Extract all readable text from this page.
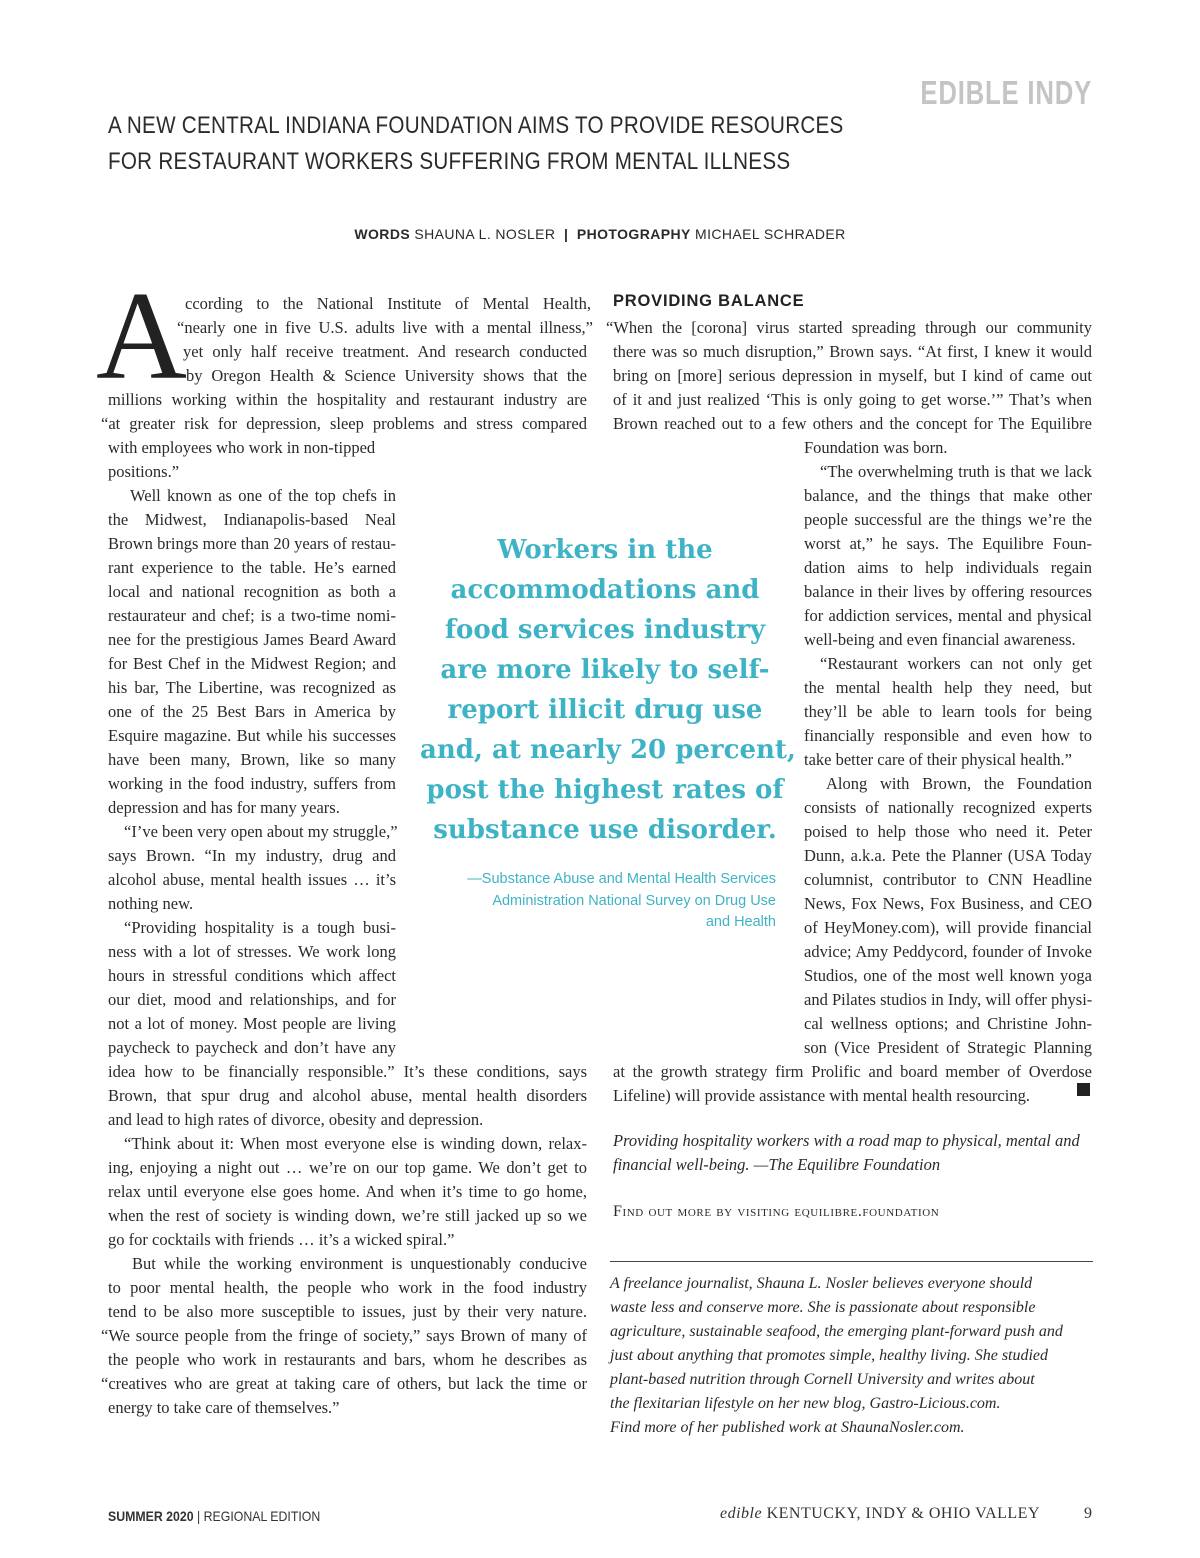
EDIBLE INDY
A NEW CENTRAL INDIANA FOUNDATION AIMS TO PROVIDE RESOURCES
FOR RESTAURANT WORKERS SUFFERING FROM MENTAL ILLNESS
WORDS SHAUNA L. NOSLER | PHOTOGRAPHY MICHAEL SCHRADER
A
ccording to the National Institute of Mental Health,
“nearly one in five U.S. adults live with a mental illness,”
yet only half receive treatment. And research conducted
by Oregon Health & Science University shows that the
millions working within the hospitality and restaurant industry are
“at greater risk for depression, sleep problems and stress compared
with employees who work in non-tipped
positions.”
Well known as one of the top chefs in
the Midwest, Indianapolis-based Neal
Brown brings more than 20 years of restau-
rant experience to the table. He’s earned
local and national recognition as both a
restaurateur and chef; is a two-time nomi-
nee for the prestigious James Beard Award
for Best Chef in the Midwest Region; and
his bar, The Libertine, was recognized as
one of the 25 Best Bars in America by
Esquire magazine. But while his successes
have been many, Brown, like so many
working in the food industry, suffers from
depression and has for many years.
“I’ve been very open about my struggle,”
says Brown. “In my industry, drug and
alcohol abuse, mental health issues … it’s
nothing new.
“Providing hospitality is a tough busi-
ness with a lot of stresses. We work long
hours in stressful conditions which affect
our diet, mood and relationships, and for
not a lot of money. Most people are living
paycheck to paycheck and don’t have any
idea how to be financially responsible.” It’s these conditions, says
Brown, that spur drug and alcohol abuse, mental health disorders
and lead to high rates of divorce, obesity and depression.
“Think about it: When most everyone else is winding down, relax-
ing, enjoying a night out … we’re on our top game. We don’t get to
relax until everyone else goes home. And when it’s time to go home,
when the rest of society is winding down, we’re still jacked up so we
go for cocktails with friends … it’s a wicked spiral.”
But while the working environment is unquestionably conducive
to poor mental health, the people who work in the food industry
tend to be also more susceptible to issues, just by their very nature.
“We source people from the fringe of society,” says Brown of many of
the people who work in restaurants and bars, whom he describes as
“creatives who are great at taking care of others, but lack the time or
energy to take care of themselves.”
PROVIDING BALANCE
“When the [corona] virus started spreading through our community
there was so much disruption,” Brown says. “At first, I knew it would
bring on [more] serious depression in myself, but I kind of came out
of it and just realized ‘This is only going to get worse.’” That’s when
Brown reached out to a few others and the concept for The Equilibre
Foundation was born.
“The overwhelming truth is that we lack
balance, and the things that make other
people successful are the things we’re the
worst at,” he says. The Equilibre Foun-
dation aims to help individuals regain
balance in their lives by offering resources
for addiction services, mental and physical
well-being and even financial awareness.
“Restaurant workers can not only get
the mental health help they need, but
they’ll be able to learn tools for being
financially responsible and even how to
take better care of their physical health.”
Along with Brown, the Foundation
consists of nationally recognized experts
poised to help those who need it. Peter
Dunn, a.k.a. Pete the Planner (USA Today
columnist, contributor to CNN Headline
News, Fox News, Fox Business, and CEO
of HeyMoney.com), will provide financial
advice; Amy Peddycord, founder of Invoke
Studios, one of the most well known yoga
and Pilates studios in Indy, will offer physi-
cal wellness options; and Christine John-
son (Vice President of Strategic Planning
at the growth strategy firm Prolific and board member of Overdose
Lifeline) will provide assistance with mental health resourcing.
Workers in the
accommodations and
food services industry
are more likely to self-
report illicit drug use
and, at nearly 20 percent,
post the highest rates of
substance use disorder.
—Substance Abuse and Mental Health Services
Administration National Survey on Drug Use
and Health
Providing hospitality workers with a road map to physical, mental and
financial well-being. —The Equilibre Foundation
Find out more by visiting equilibre.foundation
A freelance journalist, Shauna L. Nosler believes everyone should
waste less and conserve more. She is passionate about responsible
agriculture, sustainable seafood, the emerging plant-forward push and
just about anything that promotes simple, healthy living. She studied
plant-based nutrition through Cornell University and writes about
the flexitarian lifestyle on her new blog, Gastro-Licious.com.
Find more of her published work at ShaunaNosler.com.
SUMMER 2020 | REGIONAL EDITION	edible KENTUCKY, INDY & OHIO VALLEY	9
